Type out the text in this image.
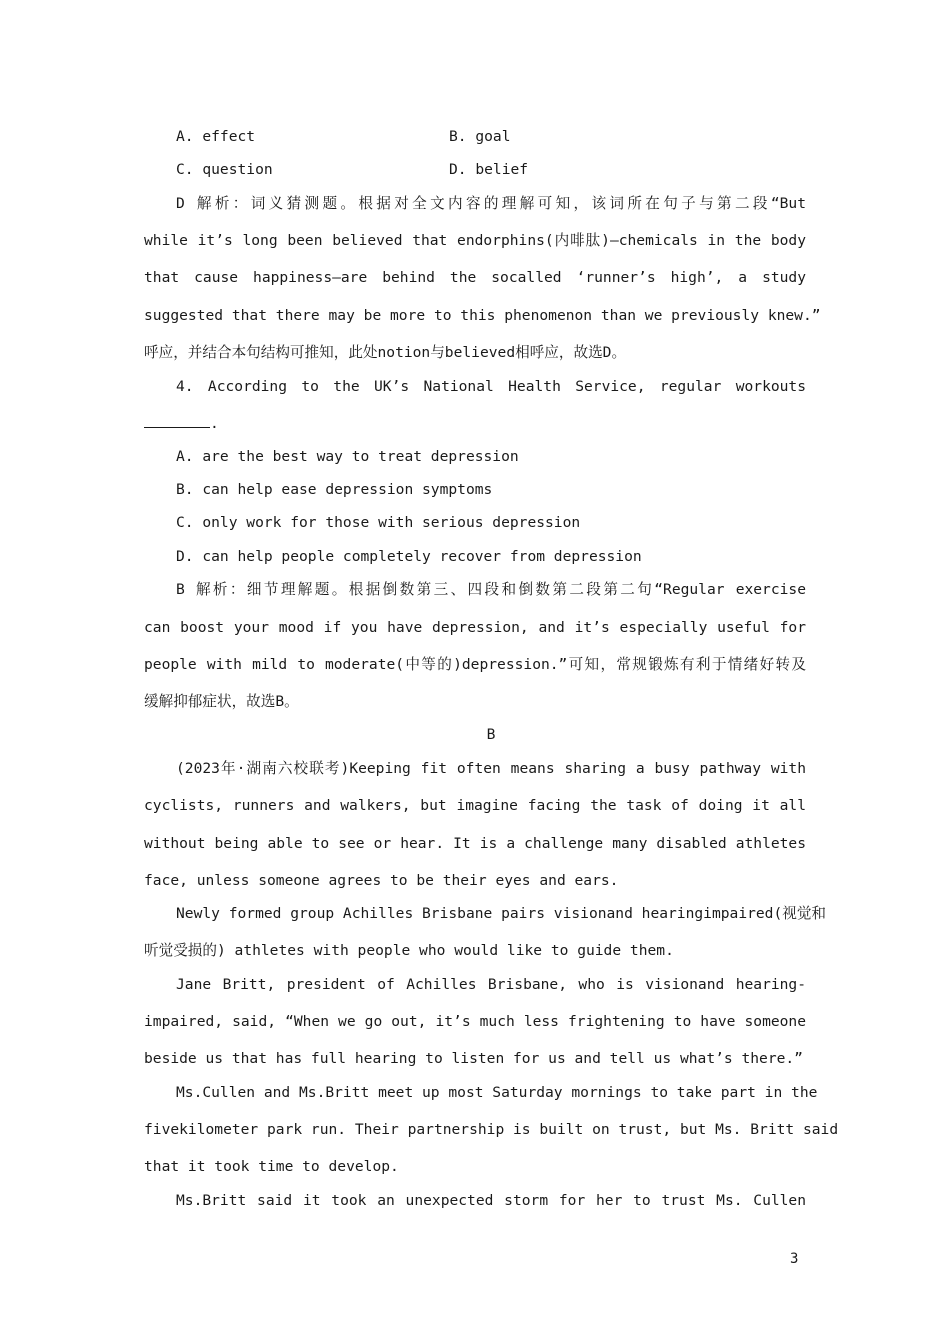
A. effect	B. goal
C. question	D. belief
D 解析：词义猜测题。根据对全文内容的理解可知，该词所在句子与第二段“But
while it’s long been believed that endorphins(内啡肽)—chemicals in the body
that cause happiness—are behind the socalled ‘runner’s high’, a study
suggested that there may be more to this phenomenon than we previously knew.”
呼应，并结合本句结构可推知，此处notion与believed相呼应，故选D。
4. According to the UK’s National Health Service, regular workouts
.
A. are the best way to treat depression
B. can help ease depression symptoms
C. only work for those with serious depression
D. can help people completely recover from depression
B 解析：细节理解题。根据倒数第三、四段和倒数第二段第二句“Regular exercise
can boost your mood if you have depression, and it’s especially useful for
people with mild to moderate(中等的)depression.”可知，常规锻炼有利于情绪好转及
缓解抑郁症状，故选B。
B
(2023年·湖南六校联考)Keeping fit often means sharing a busy pathway with
cyclists, runners and walkers, but imagine facing the task of doing it all
without being able to see or hear. It is a challenge many disabled athletes
face, unless someone agrees to be their eyes and ears.
Newly formed group Achilles Brisbane pairs visionand hearingimpaired(视觉和
听觉受损的) athletes with people who would like to guide them.
Jane Britt, president of Achilles Brisbane, who is visionand hearing-
impaired, said, “When we go out, it’s much less frightening to have someone
beside us that has full hearing to listen for us and tell us what’s there.”
Ms.Cullen and Ms.Britt meet up most Saturday mornings to take part in the
fivekilometer park run. Their partnership is built on trust, but Ms. Britt said
that it took time to develop.
Ms.Britt said it took an unexpected storm for her to trust Ms. Cullen
3
